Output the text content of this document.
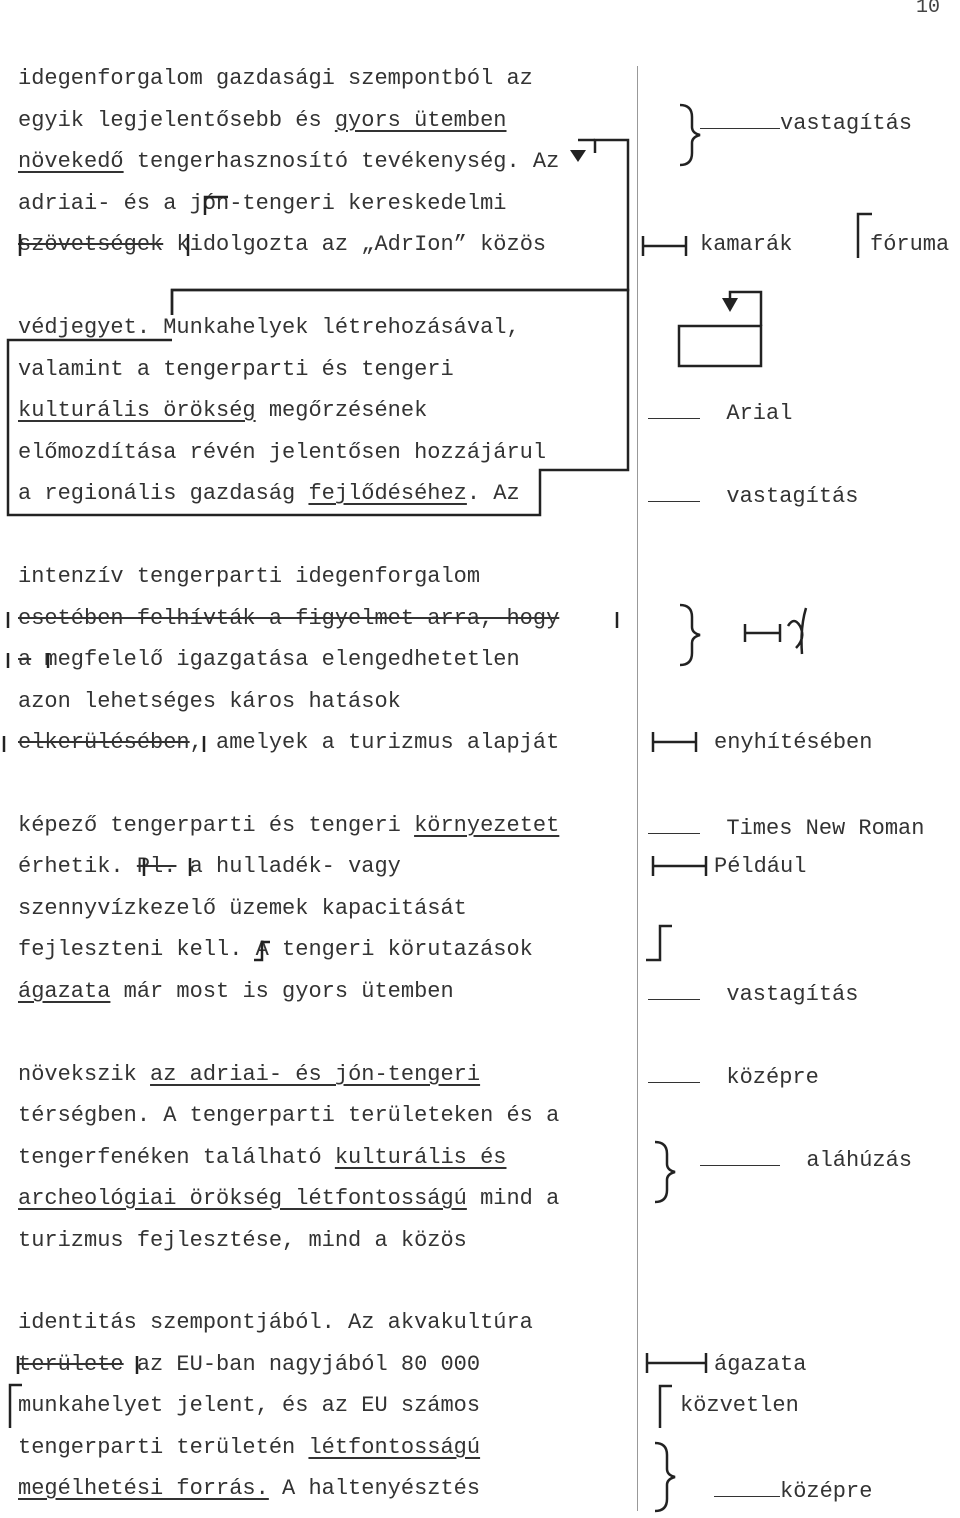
10
idegenforgalom gazdasági szempontból az
egyik legjelentősebb és gyors ütemben
növekedő tengerhasznosító tevékenység. Az
adriai- és a jón-tengeri kereskedelmi
szövetségek kidolgozta az „AdrIon” közös
védjegyet. Munkahelyek létrehozásával,
valamint a tengerparti és tengeri
kulturális örökség megőrzésének
előmozdítása révén jelentősen hozzájárul
a regionális gazdaság fejlődéséhez. Az
intenzív tengerparti idegenforgalom
esetében felhívták a figyelmet arra, hogy
a megfelelő igazgatása elengedhetetlen
azon lehetséges káros hatások
elkerülésében, amelyek a turizmus alapját
képező tengerparti és tengeri környezetet
érhetik. Pl. a hulladék- vagy
szennyvízkezelő üzemek kapacitását
fejleszteni kell. A tengeri körutazások
ágazata már most is gyors ütemben
növekszik az adriai- és jón-tengeri
térségben. A tengerparti területeken és a
tengerfenéken található kulturális és
archeológiai örökség létfontosságú mind a
turizmus fejlesztése, mind a közös
identitás szempontjából. Az akvakultúra
területe az EU-ban nagyjából 80 000
munkahelyet jelent, és az EU számos
tengerparti területén létfontosságú
megélhetési forrás. A haltenyésztés
vastagítás
kamarák	fóruma
Arial
vastagítás
enyhítésében
Times New Roman
Például
vastagítás
középre
aláhúzás
ágazata
közvetlen
középre
